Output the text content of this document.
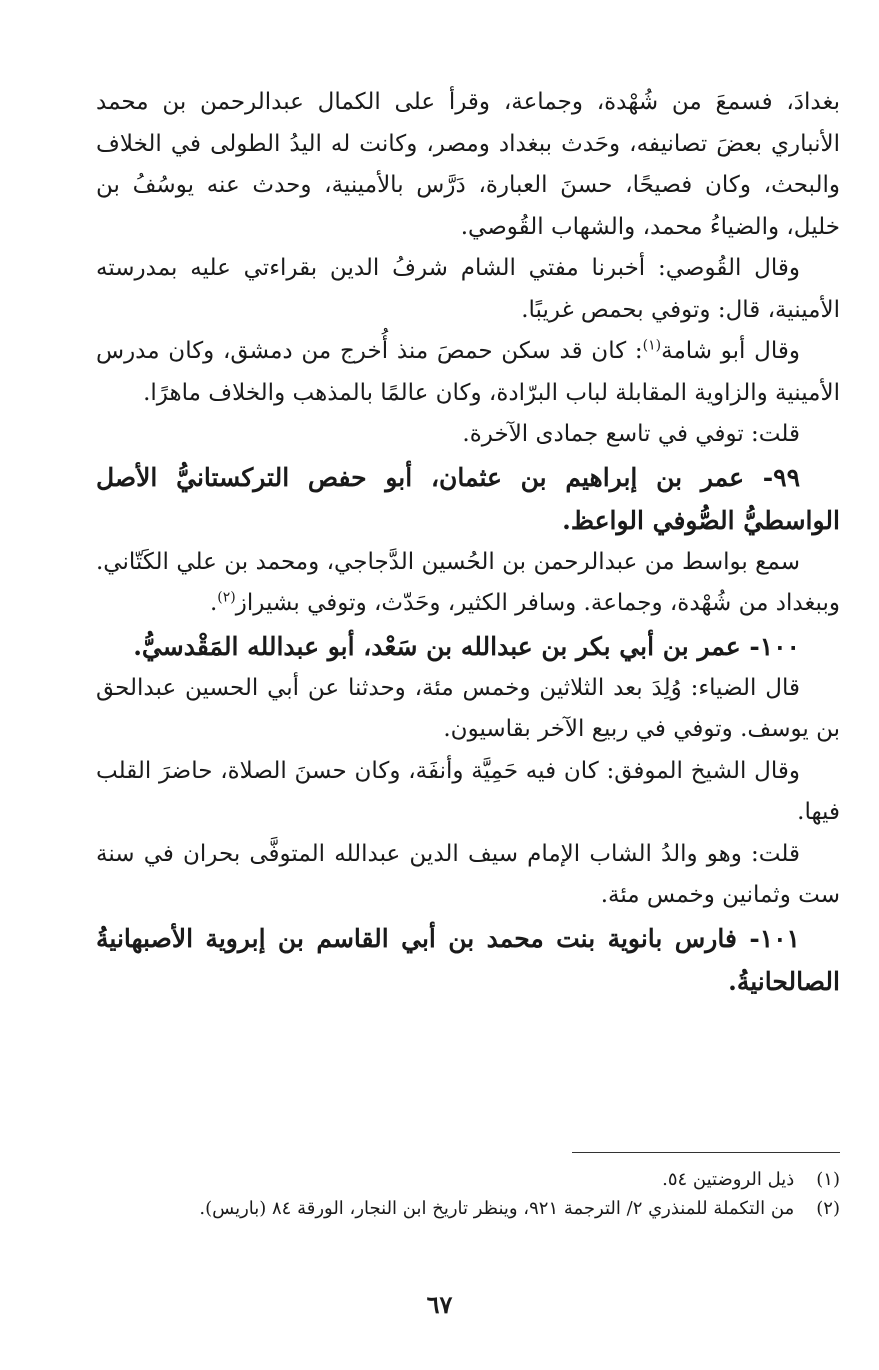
بغدادَ، فسمعَ من شُهْدة، وجماعة، وقرأ على الكمال عبدالرحمن بن محمد الأنباري بعضَ تصانيفه، وحَدث ببغداد ومصر، وكانت له اليدُ الطولى في الخلاف والبحث، وكان فصيحًا، حسنَ العبارة، دَرَّس بالأمينية، وحدث عنه يوسُفُ بن خليل، والضياءُ محمد، والشهاب القُوصي.

وقال القُوصي: أخبرنا مفتي الشام شرفُ الدين بقراءتي عليه بمدرسته الأمينية، قال: وتوفي بحمص غريبًا.

وقال أبو شامة$^{(١)}$: كان قد سكن حمصَ منذ أُخرج من دمشق، وكان مدرس الأمينية والزاوية المقابلة لباب البرّادة، وكان عالمًا بالمذهب والخلاف ماهرًا.

قلت: توفي في تاسع جمادى الآخرة.

٩٩- عمر بن إبراهيم بن عثمان، أبو حفص التركستانيُّ الأصل الواسطيُّ الصُّوفي الواعظ.

سمع بواسط من عبدالرحمن بن الحُسين الدَّجاجي، ومحمد بن علي الكَتّاني. وببغداد من شُهْدة، وجماعة. وسافر الكثير، وحَدّث، وتوفي بشيراز$^{(٢)}$.

١٠٠- عمر بن أبي بكر بن عبدالله بن سَعْد، أبو عبدالله المَقْدسيُّ.

قال الضياء: وُلِدَ بعد الثلاثين وخمس مئة، وحدثنا عن أبي الحسين عبدالحق بن يوسف. وتوفي في ربيع الآخر بقاسيون.

وقال الشيخ الموفق: كان فيه حَمِيَّة وأنفَة، وكان حسنَ الصلاة، حاضرَ القلب فيها.

قلت: وهو والدُ الشاب الإمام سيف الدين عبدالله المتوفَّى بحران في سنة ست وثمانين وخمس مئة.

١٠١- فارس بانوية بنت محمد بن أبي القاسم بن إبروية الأصبهانيةُ الصالحانيةُ.

(١) ذيل الروضتين ٥٤.

(٢) من التكملة للمنذري ٢/ الترجمة ٩٢١، وينظر تاريخ ابن النجار، الورقة ٨٤ (باريس).

٦٧
